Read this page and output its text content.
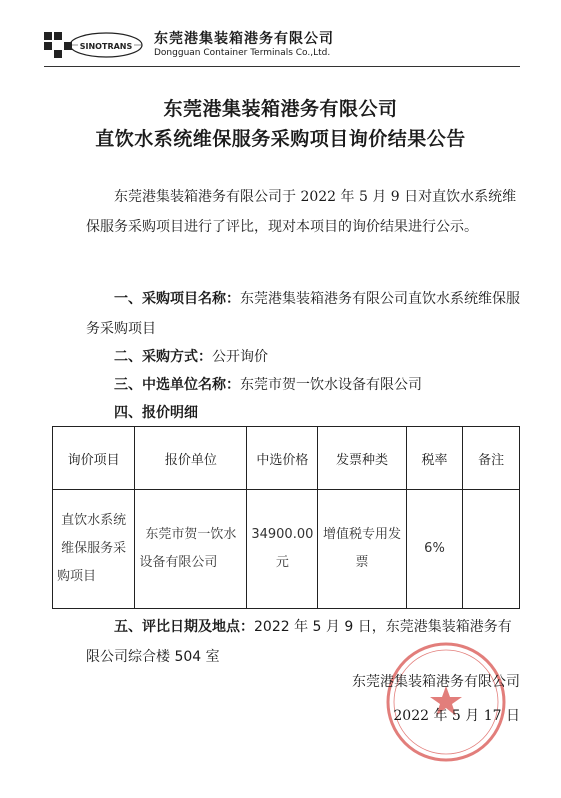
SINOTRANS 东莞港集装箱港务有限公司
Dongguan Container Terminals Co.,Ltd.
东莞港集装箱港务有限公司
直饮水系统维保服务采购项目询价结果公告
东莞港集装箱港务有限公司于 2022 年 5 月 9 日对直饮水系统维保服务采购项目进行了评比，现对本项目的询价结果进行公示。
一、采购项目名称：东莞港集装箱港务有限公司直饮水系统维保服务采购项目
二、采购方式：公开询价
三、中选单位名称：东莞市贺一饮水设备有限公司
四、报价明细
询价项目	报价单位	中选价格	发票种类	税率	备注
直饮水系统维保服务采购项目	东莞市贺一饮水设备有限公司	34900.00元	增值税专用发票	6%	
五、评比日期及地点：2022 年 5 月 9 日，东莞港集装箱港务有限公司综合楼 504 室
东莞港集装箱港务有限公司
2022 年 5 月 17 日
